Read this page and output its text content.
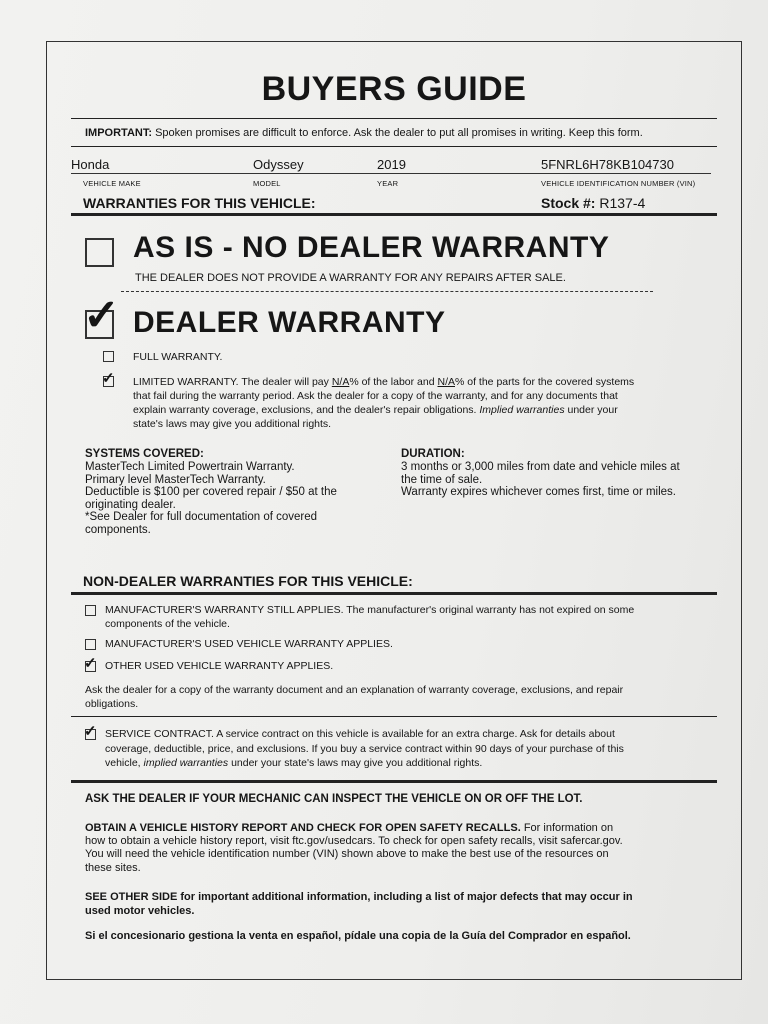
BUYERS GUIDE
IMPORTANT: Spoken promises are difficult to enforce. Ask the dealer to put all promises in writing. Keep this form.
Honda	Odyssey	2019	5FNRL6H78KB104730
VEHICLE MAKE	MODEL	YEAR	VEHICLE IDENTIFICATION NUMBER (VIN)
WARRANTIES FOR THIS VEHICLE:	Stock #: R137-4
AS IS - NO DEALER WARRANTY
THE DEALER DOES NOT PROVIDE A WARRANTY FOR ANY REPAIRS AFTER SALE.
✓ DEALER WARRANTY
FULL WARRANTY.
✓ LIMITED WARRANTY. The dealer will pay N/A% of the labor and N/A% of the parts for the covered systems
that fail during the warranty period. Ask the dealer for a copy of the warranty, and for any documents that
explain warranty coverage, exclusions, and the dealer's repair obligations. Implied warranties under your
state's laws may give you additional rights.
SYSTEMS COVERED:
MasterTech Limited Powertrain Warranty.
Primary level MasterTech Warranty.
Deductible is $100 per covered repair / $50 at the
originating dealer.
*See Dealer for full documentation of covered
components.
DURATION:
3 months or 3,000 miles from date and vehicle miles at
the time of sale.
Warranty expires whichever comes first, time or miles.
NON-DEALER WARRANTIES FOR THIS VEHICLE:
MANUFACTURER'S WARRANTY STILL APPLIES. The manufacturer's original warranty has not expired on some
components of the vehicle.
MANUFACTURER'S USED VEHICLE WARRANTY APPLIES.
✓ OTHER USED VEHICLE WARRANTY APPLIES.
Ask the dealer for a copy of the warranty document and an explanation of warranty coverage, exclusions, and repair
obligations.
✓ SERVICE CONTRACT. A service contract on this vehicle is available for an extra charge. Ask for details about
coverage, deductible, price, and exclusions. If you buy a service contract within 90 days of your purchase of this
vehicle, implied warranties under your state's laws may give you additional rights.
ASK THE DEALER IF YOUR MECHANIC CAN INSPECT THE VEHICLE ON OR OFF THE LOT.
OBTAIN A VEHICLE HISTORY REPORT AND CHECK FOR OPEN SAFETY RECALLS. For information on
how to obtain a vehicle history report, visit ftc.gov/usedcars. To check for open safety recalls, visit safercar.gov.
You will need the vehicle identification number (VIN) shown above to make the best use of the resources on
these sites.
SEE OTHER SIDE for important additional information, including a list of major defects that may occur in
used motor vehicles.
Si el concesionario gestiona la venta en español, pídale una copia de la Guía del Comprador en español.
